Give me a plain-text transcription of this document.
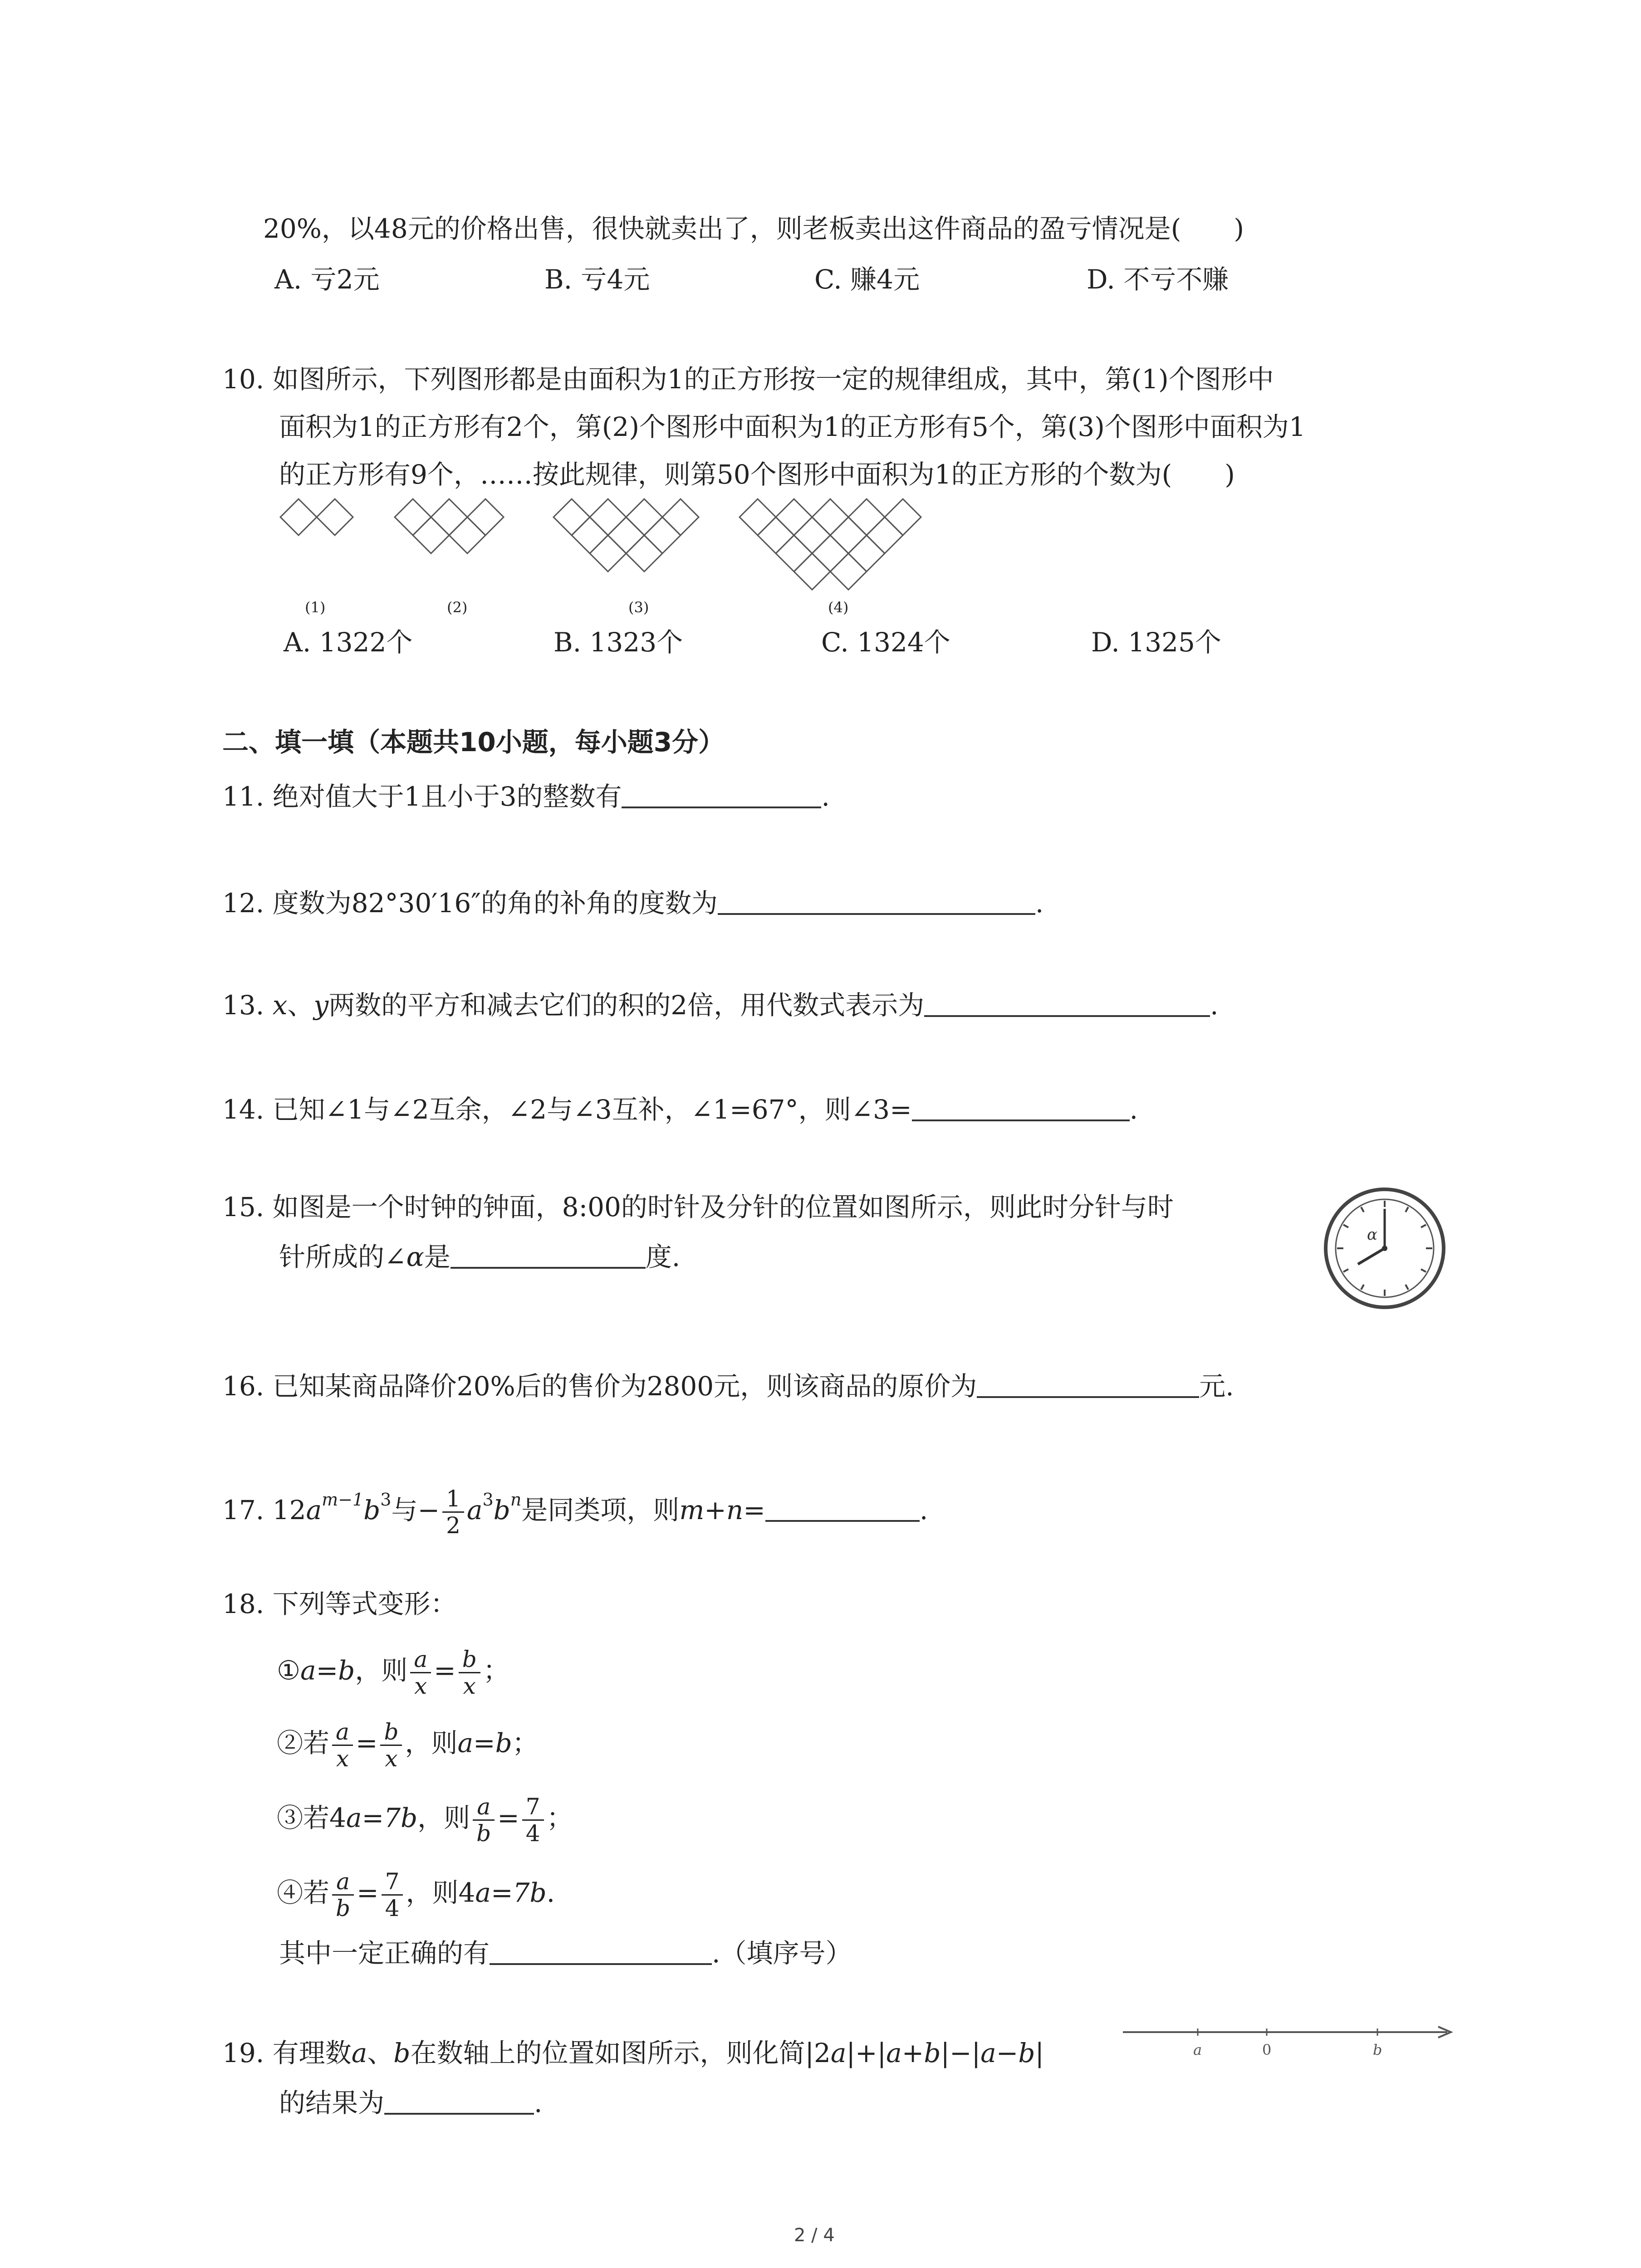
20%，以48元的价格出售，很快就卖出了，则老板卖出这件商品的盈亏情况是(　　)
A. 亏2元	B. 亏4元	C. 赚4元	D. 不亏不赚
10. 如图所示，下列图形都是由面积为1的正方形按一定的规律组成，其中，第(1)个图形中
面积为1的正方形有2个，第(2)个图形中面积为1的正方形有5个，第(3)个图形中面积为1
的正方形有9个，……按此规律，则第50个图形中面积为1的正方形的个数为(　　)
(1)	(2)	(3)	(4)
A. 1322个	B. 1323个	C. 1324个	D. 1325个
二、填一填（本题共10小题，每小题3分）
11. 绝对值大于1且小于3的整数有	.
12. 度数为82°30′16″的角的补角的度数为	.
13. x、y两数的平方和减去它们的积的2倍，用代数式表示为	.
14. 已知∠1与∠2互余，∠2与∠3互补，∠1=67°，则∠3=	.
15. 如图是一个时钟的钟面，8:00的时针及分针的位置如图所示，则此时分针与时
针所成的∠α是	度.
α
16. 已知某商品降价20%后的售价为2800元，则该商品的原价为	元.
17. $12a^{m-1}b^3$与− $\frac{1}{2} a^3b^n$是同类项，则m+n=	.
18. 下列等式变形：
①a=b，则 $\frac{a}{x} = \frac{b}{x}$ ；
②若 $\frac{a}{x} = \frac{b}{x}$ ，则a=b；
③若4a=7b，则 $\frac{a}{b} = \frac{7}{4}$ ；
④若 $\frac{a}{b} = \frac{7}{4}$ ，则4a=7b.
其中一定正确的有	.（填序号）
19. 有理数a、b在数轴上的位置如图所示，则化简|2a|+|a+b|−|a−b|
的结果为	.
a	0	b
2 / 4
